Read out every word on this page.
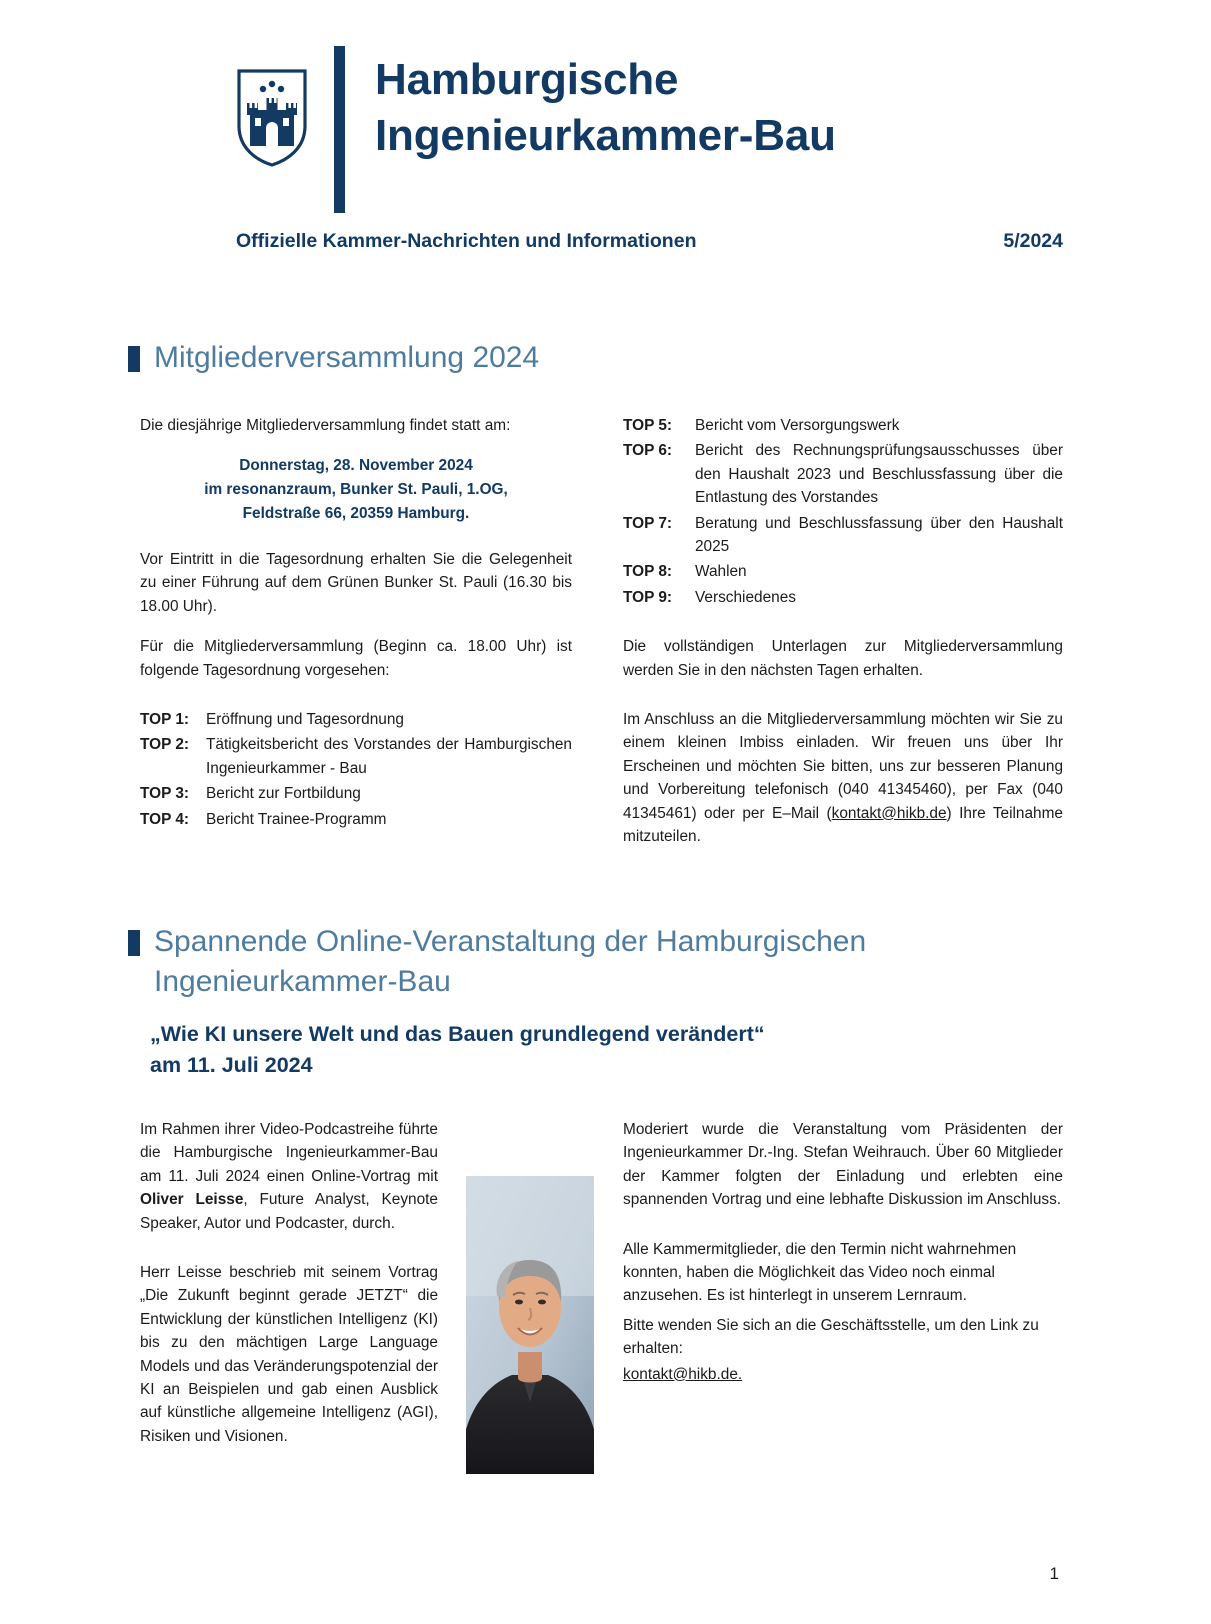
Hamburgische
Ingenieurkammer-Bau
Offizielle Kammer-Nachrichten und Informationen	5/2024
Mitgliederversammlung 2024

Die diesjährige Mitgliederversammlung findet statt am:

Donnerstag, 28. November 2024
im resonanzraum, Bunker St. Pauli, 1.OG,
Feldstraße 66, 20359 Hamburg.

Vor Eintritt in die Tagesordnung erhalten Sie die Gelegenheit zu einer Führung auf dem Grünen Bunker St. Pauli (16.30 bis 18.00 Uhr).

Für die Mitgliederversammlung (Beginn ca. 18.00 Uhr) ist folgende Tagesordnung vorgesehen:

TOP 1:	Eröffnung und Tagesordnung
TOP 2:	Tätigkeitsbericht des Vorstandes der Hamburgischen Ingenieurkammer - Bau
TOP 3:	Bericht zur Fortbildung
TOP 4:	Bericht Trainee-Programm
TOP 5:	Bericht vom Versorgungswerk
TOP 6:	Bericht des Rechnungsprüfungsausschusses über den Haushalt 2023 und Beschlussfassung über die Entlastung des Vorstandes
TOP 7:	Beratung und Beschlussfassung über den Haushalt 2025
TOP 8:	Wahlen
TOP 9:	Verschiedenes

Die vollständigen Unterlagen zur Mitgliederversammlung werden Sie in den nächsten Tagen erhalten.

Im Anschluss an die Mitgliederversammlung möchten wir Sie zu einem kleinen Imbiss einladen. Wir freuen uns über Ihr Erscheinen und möchten Sie bitten, uns zur besseren Planung und Vorbereitung telefonisch (040 41345460), per Fax (040 41345461) oder per E–Mail (kontakt@hikb.de) Ihre Teilnahme mitzuteilen.

Spannende Online-Veranstaltung der Hamburgischen
Ingenieurkammer-Bau
„Wie KI unsere Welt und das Bauen grundlegend verändert“
am 11. Juli 2024

Im Rahmen ihrer Video-Podcastreihe führte die Hamburgische Ingenieurkammer-Bau am 11. Juli 2024 einen Online-Vortrag mit Oliver Leisse, Future Analyst, Keynote Speaker, Autor und Podcaster, durch.

Herr Leisse beschrieb mit seinem Vortrag „Die Zukunft beginnt gerade JETZT“ die Entwicklung der künstlichen Intelligenz (KI) bis zu den mächtigen Large Language Models und das Veränderungspotenzial der KI an Beispielen und gab einen Ausblick auf künstliche allgemeine Intelligenz (AGI), Risiken und Visionen.

Moderiert wurde die Veranstaltung vom Präsidenten der Ingenieurkammer Dr.-Ing. Stefan Weihrauch. Über 60 Mitglieder der Kammer folgten der Einladung und erlebten eine spannenden Vortrag und eine lebhafte Diskussion im Anschluss.

Alle Kammermitglieder, die den Termin nicht wahrnehmen konnten, haben die Möglichkeit das Video noch einmal anzusehen. Es ist hinterlegt in unserem Lernraum.

Bitte wenden Sie sich an die Geschäftsstelle, um den Link zu erhalten:

kontakt@hikb.de.

1
